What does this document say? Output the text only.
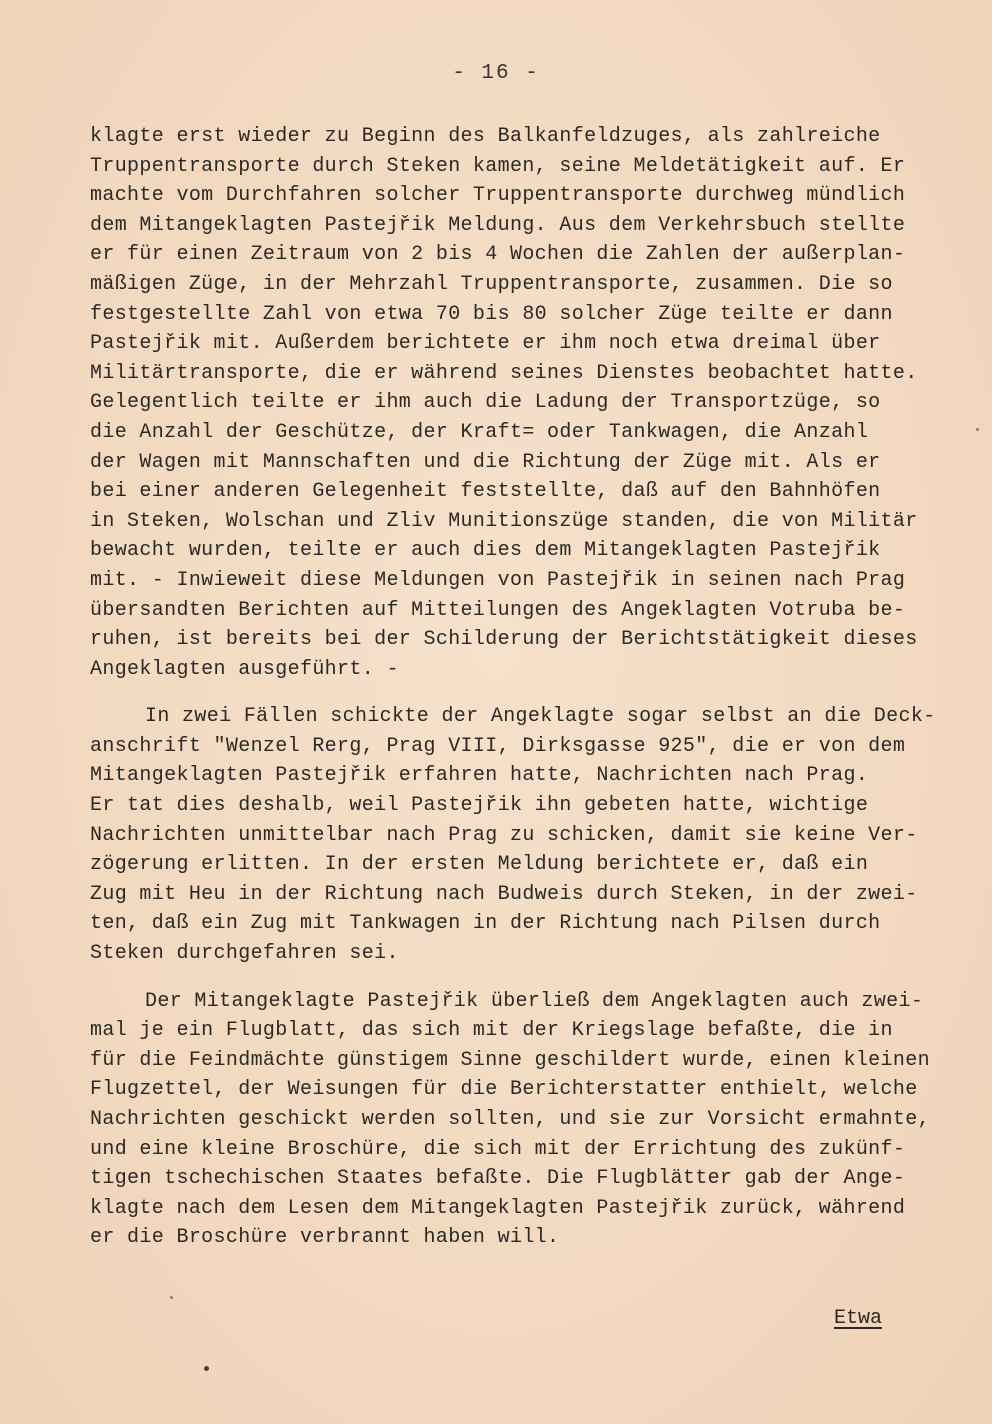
- 16 -
klagte erst wieder zu Beginn des Balkanfeldzuges, als zahlreiche
Truppentransporte durch Steken kamen, seine Meldetätigkeit auf. Er
machte vom Durchfahren solcher Truppentransporte durchweg mündlich
dem Mitangeklagten Pastejřik Meldung. Aus dem Verkehrsbuch stellte
er für einen Zeitraum von 2 bis 4 Wochen die Zahlen der außerplan-
mäßigen Züge, in der Mehrzahl Truppentransporte, zusammen. Die so
festgestellte Zahl von etwa 70 bis 80 solcher Züge teilte er dann
Pastejřik mit. Außerdem berichtete er ihm noch etwa dreimal über
Militärtransporte, die er während seines Dienstes beobachtet hatte.
Gelegentlich teilte er ihm auch die Ladung der Transportzüge, so
die Anzahl der Geschütze, der Kraft= oder Tankwagen, die Anzahl
der Wagen mit Mannschaften und die Richtung der Züge mit. Als er
bei einer anderen Gelegenheit feststellte, daß auf den Bahnhöfen
in Steken, Wolschan und Zliv Munitionszüge standen, die von Militär
bewacht wurden, teilte er auch dies dem Mitangeklagten Pastejřik
mit. - Inwieweit diese Meldungen von Pastejřik in seinen nach Prag
übersandten Berichten auf Mitteilungen des Angeklagten Votruba be-
ruhen, ist bereits bei der Schilderung der Berichtstätigkeit dieses
Angeklagten ausgeführt. -
In zwei Fällen schickte der Angeklagte sogar selbst an die Deck-
anschrift "Wenzel Rerg, Prag VIII, Dirksgasse 925", die er von dem
Mitangeklagten Pastejřik erfahren hatte, Nachrichten nach Prag.
Er tat dies deshalb, weil Pastejřik ihn gebeten hatte, wichtige
Nachrichten unmittelbar nach Prag zu schicken, damit sie keine Ver-
zögerung erlitten. In der ersten Meldung berichtete er, daß ein
Zug mit Heu in der Richtung nach Budweis durch Steken, in der zwei-
ten, daß ein Zug mit Tankwagen in der Richtung nach Pilsen durch
Steken durchgefahren sei.
Der Mitangeklagte Pastejřik überließ dem Angeklagten auch zwei-
mal je ein Flugblatt, das sich mit der Kriegslage befaßte, die in
für die Feindmächte günstigem Sinne geschildert wurde, einen kleinen
Flugzettel, der Weisungen für die Berichterstatter enthielt, welche
Nachrichten geschickt werden sollten, und sie zur Vorsicht ermahnte,
und eine kleine Broschüre, die sich mit der Errichtung des zukünf-
tigen tschechischen Staates befaßte. Die Flugblätter gab der Ange-
klagte nach dem Lesen dem Mitangeklagten Pastejřik zurück, während
er die Broschüre verbrannt haben will.
Etwa
